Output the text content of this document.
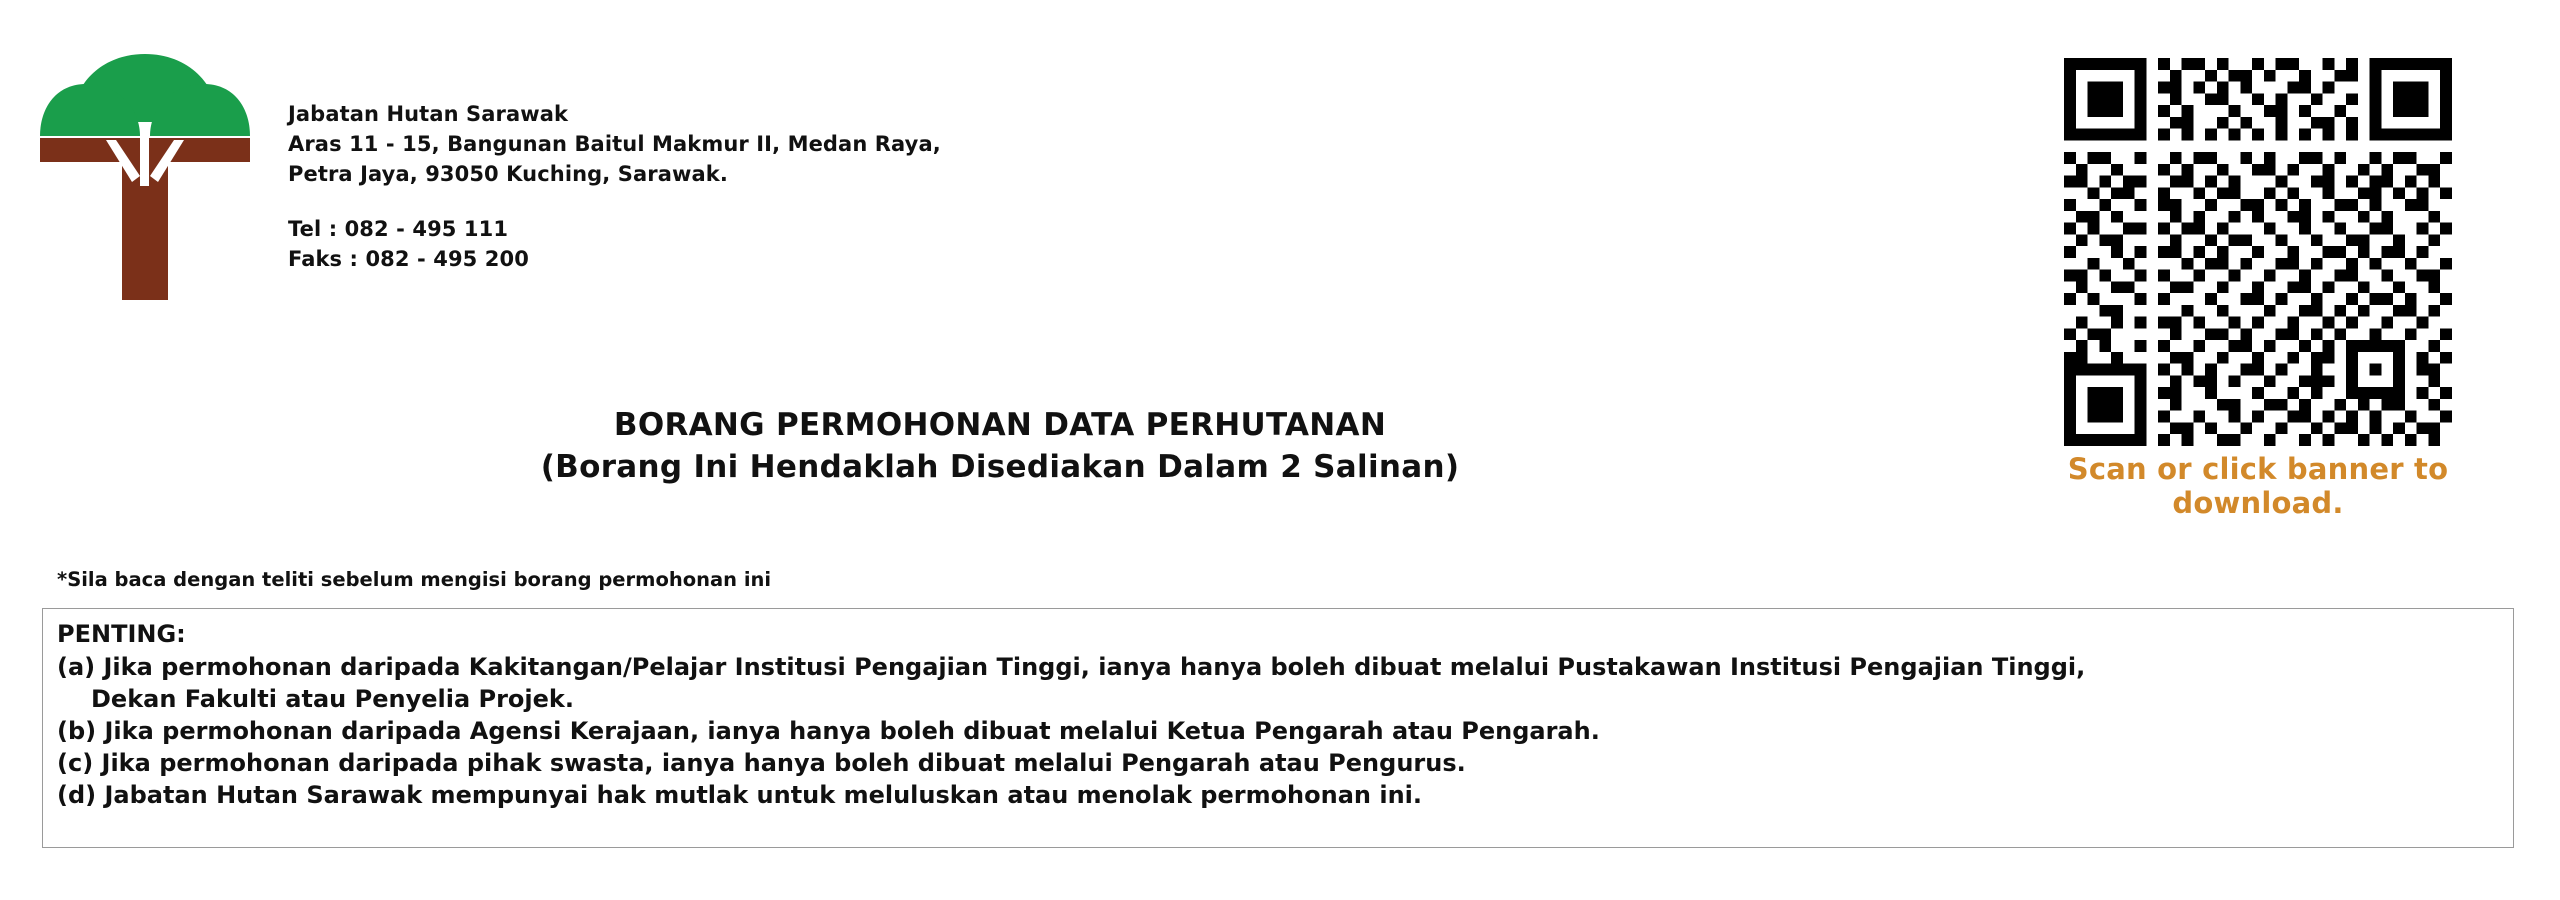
Jabatan Hutan Sarawak
Aras 11 - 15, Bangunan Baitul Makmur II, Medan Raya,
Petra Jaya, 93050 Kuching, Sarawak.
Tel : 082 - 495 111
Faks : 082 - 495 200
Scan or click banner to download.
BORANG PERMOHONAN DATA PERHUTANAN
(Borang Ini Hendaklah Disediakan Dalam 2 Salinan)
*Sila baca dengan teliti sebelum mengisi borang permohonan ini
PENTING:
(a) Jika permohonan daripada Kakitangan/Pelajar Institusi Pengajian Tinggi, ianya hanya boleh dibuat melalui Pustakawan Institusi Pengajian Tinggi,
Dekan Fakulti atau Penyelia Projek.
(b) Jika permohonan daripada Agensi Kerajaan, ianya hanya boleh dibuat melalui Ketua Pengarah atau Pengarah.
(c) Jika permohonan daripada pihak swasta, ianya hanya boleh dibuat melalui Pengarah atau Pengurus.
(d) Jabatan Hutan Sarawak mempunyai hak mutlak untuk meluluskan atau menolak permohonan ini.
